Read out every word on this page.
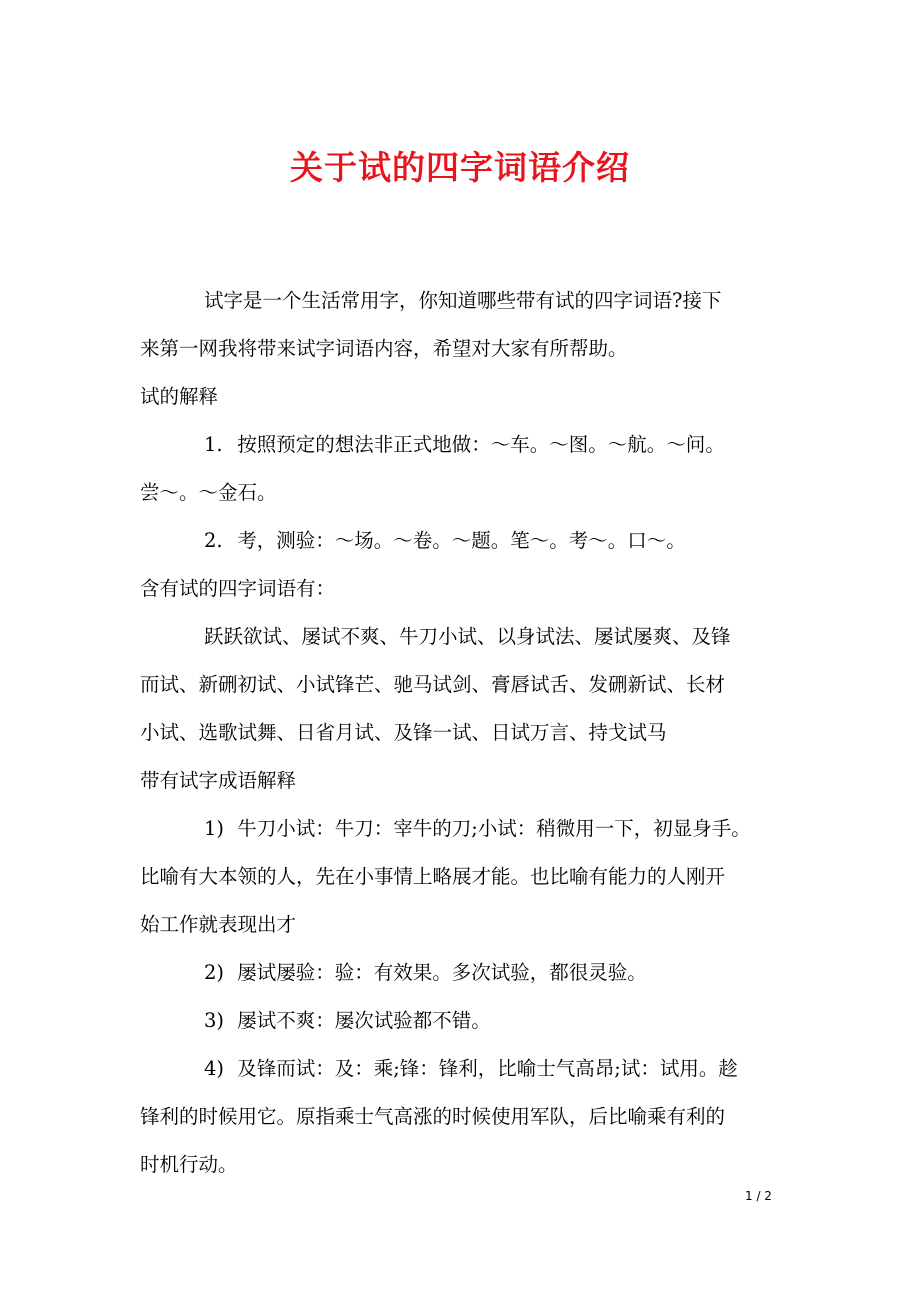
关于试的四字词语介绍

试字是一个生活常用字，你知道哪些带有试的四字词语?接下

来第一网我将带来试字词语内容，希望对大家有所帮助。

试的解释

1. 按照预定的想法非正式地做：～车。～图。～航。～问。

尝～。～金石。

2. 考，测验：～场。～卷。～题。笔～。考～。口～。

含有试的四字词语有：

跃跃欲试、屡试不爽、牛刀小试、以身试法、屡试屡爽、及锋

而试、新硎初试、小试锋芒、驰马试剑、膏唇试舌、发硎新试、长材

小试、选歌试舞、日省月试、及锋一试、日试万言、持戈试马

带有试字成语解释

1) 牛刀小试：牛刀：宰牛的刀;小试：稍微用一下，初显身手。

比喻有大本领的人，先在小事情上略展才能。也比喻有能力的人刚开

始工作就表现出才

2) 屡试屡验：验：有效果。多次试验，都很灵验。

3) 屡试不爽：屡次试验都不错。

4) 及锋而试：及：乘;锋：锋利，比喻士气高昂;试：试用。趁

锋利的时候用它。原指乘士气高涨的时候使用军队，后比喻乘有利的

时机行动。

1 / 2
